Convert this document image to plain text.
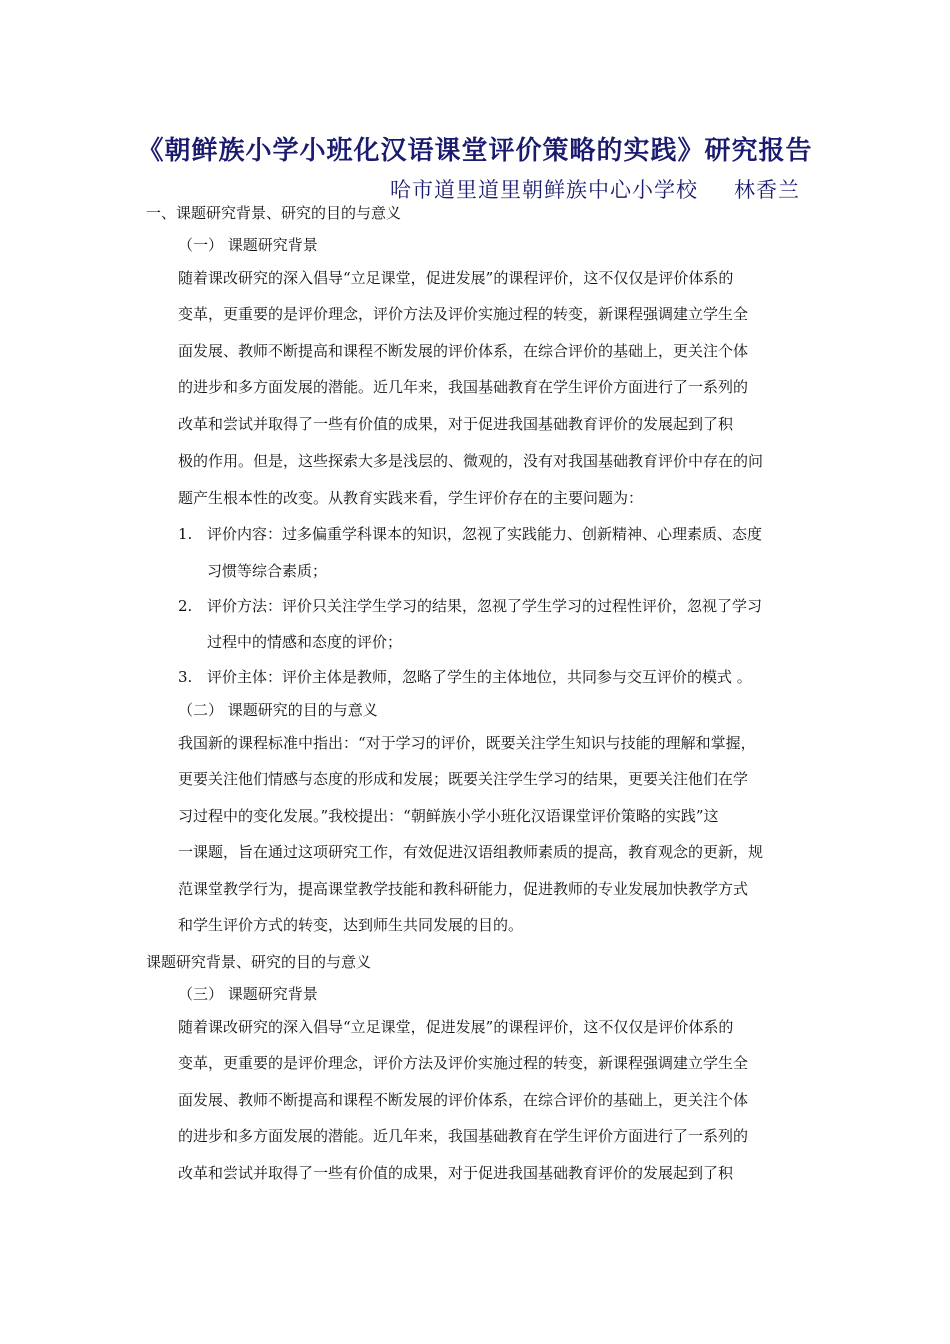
《朝鲜族小学小班化汉语课堂评价策略的实践》研究报告
哈市道里道里朝鲜族中心小学校 林香兰
一、课题研究背景、研究的目的与意义
（一） 课题研究背景
随着课改研究的深入倡导“立足课堂，促进发展”的课程评价，这不仅仅是评价体系的
变革，更重要的是评价理念，评价方法及评价实施过程的转变，新课程强调建立学生全
面发展、教师不断提高和课程不断发展的评价体系，在综合评价的基础上，更关注个体
的进步和多方面发展的潜能。近几年来，我国基础教育在学生评价方面进行了一系列的
改革和尝试并取得了一些有价值的成果，对于促进我国基础教育评价的发展起到了积
极的作用。但是，这些探索大多是浅层的、微观的，没有对我国基础教育评价中存在的问
题产生根本性的改变。从教育实践来看，学生评价存在的主要问题为：
1. 评价内容：过多偏重学科课本的知识，忽视了实践能力、创新精神、心理素质、态度
习惯等综合素质；
2. 评价方法：评价只关注学生学习的结果，忽视了学生学习的过程性评价，忽视了学习
过程中的情感和态度的评价；
3. 评价主体：评价主体是教师，忽略了学生的主体地位，共同参与交互评价的模式 。
（二） 课题研究的目的与意义
我国新的课程标准中指出：“对于学习的评价，既要关注学生知识与技能的理解和掌握，
更要关注他们情感与态度的形成和发展；既要关注学生学习的结果，更要关注他们在学
习过程中的变化发展。”我校提出：“朝鲜族小学小班化汉语课堂评价策略的实践”这
一课题，旨在通过这项研究工作，有效促进汉语组教师素质的提高，教育观念的更新，规
范课堂教学行为，提高课堂教学技能和教科研能力，促进教师的专业发展加快教学方式
和学生评价方式的转变，达到师生共同发展的目的。
课题研究背景、研究的目的与意义
（三） 课题研究背景
随着课改研究的深入倡导“立足课堂，促进发展”的课程评价，这不仅仅是评价体系的
变革，更重要的是评价理念，评价方法及评价实施过程的转变，新课程强调建立学生全
面发展、教师不断提高和课程不断发展的评价体系，在综合评价的基础上，更关注个体
的进步和多方面发展的潜能。近几年来，我国基础教育在学生评价方面进行了一系列的
改革和尝试并取得了一些有价值的成果，对于促进我国基础教育评价的发展起到了积
